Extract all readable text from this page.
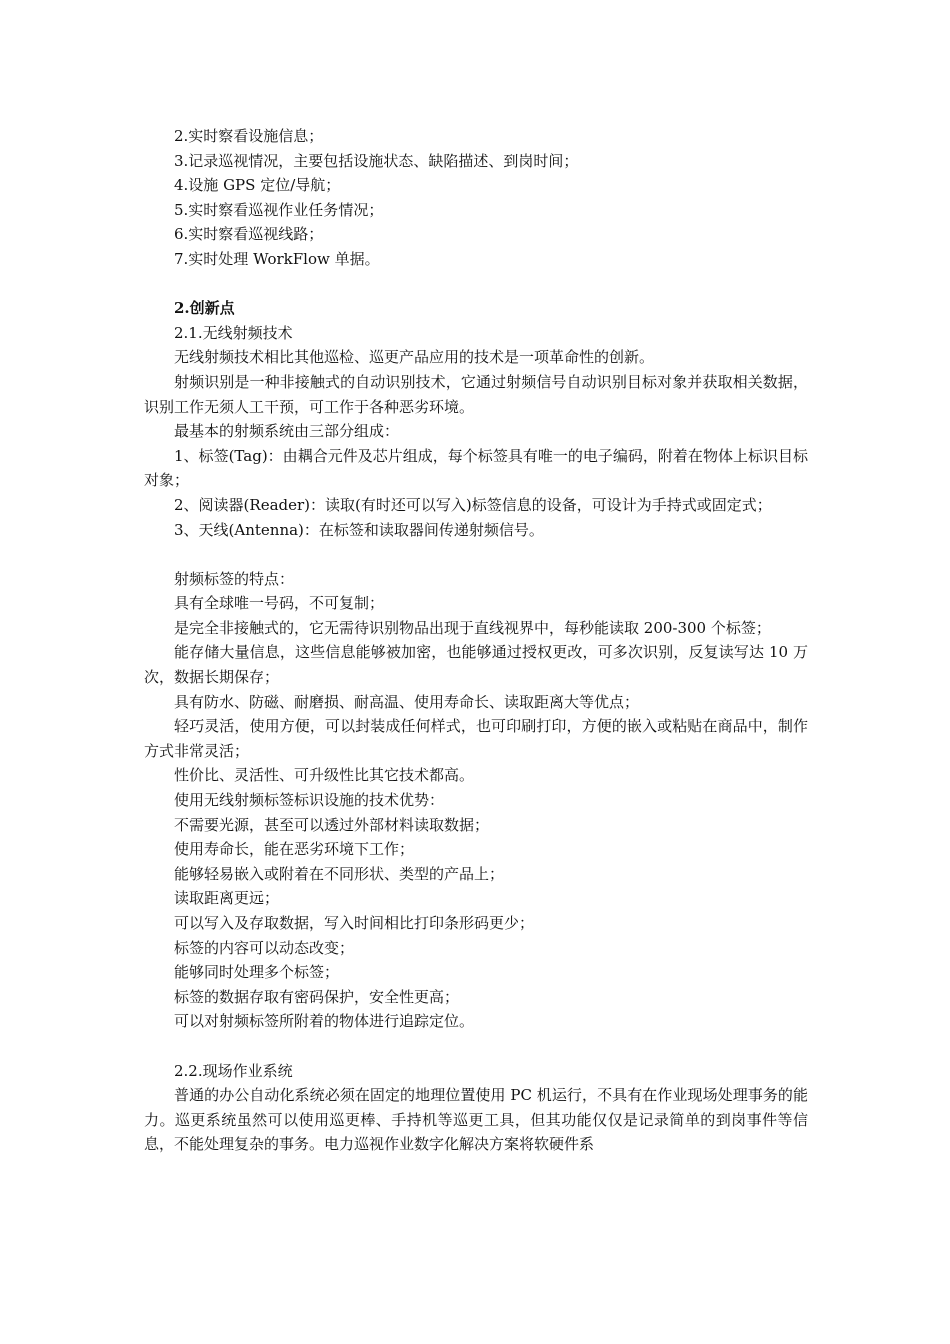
2.实时察看设施信息；

3.记录巡视情况，主要包括设施状态、缺陷描述、到岗时间；

4.设施 GPS 定位/导航；

5.实时察看巡视作业任务情况；

6.实时察看巡视线路；

7.实时处理 WorkFlow 单据。

2.创新点

2.1.无线射频技术

无线射频技术相比其他巡检、巡更产品应用的技术是一项革命性的创新。

射频识别是一种非接触式的自动识别技术，它通过射频信号自动识别目标对象并获取相关数据，识别工作无须人工干预，可工作于各种恶劣环境。

最基本的射频系统由三部分组成：

1、标签(Tag)：由耦合元件及芯片组成，每个标签具有唯一的电子编码，附着在物体上标识目标对象；

2、阅读器(Reader)：读取(有时还可以写入)标签信息的设备，可设计为手持式或固定式；

3、天线(Antenna)：在标签和读取器间传递射频信号。

射频标签的特点：

具有全球唯一号码，不可复制；

是完全非接触式的，它无需待识别物品出现于直线视界中，每秒能读取 200-300 个标签；

能存储大量信息，这些信息能够被加密，也能够通过授权更改，可多次识别，反复读写达 10 万次，数据长期保存；

具有防水、防磁、耐磨损、耐高温、使用寿命长、读取距离大等优点；

轻巧灵活，使用方便，可以封装成任何样式，也可印刷打印，方便的嵌入或粘贴在商品中，制作方式非常灵活；

性价比、灵活性、可升级性比其它技术都高。

使用无线射频标签标识设施的技术优势：

不需要光源，甚至可以透过外部材料读取数据；

使用寿命长，能在恶劣环境下工作；

能够轻易嵌入或附着在不同形状、类型的产品上；

读取距离更远；

可以写入及存取数据，写入时间相比打印条形码更少；

标签的内容可以动态改变；

能够同时处理多个标签；

标签的数据存取有密码保护，安全性更高；

可以对射频标签所附着的物体进行追踪定位。

2.2.现场作业系统

普通的办公自动化系统必须在固定的地理位置使用 PC 机运行，不具有在作业现场处理事务的能力。巡更系统虽然可以使用巡更棒、手持机等巡更工具，但其功能仅仅是记录简单的到岗事件等信息，不能处理复杂的事务。电力巡视作业数字化解决方案将软硬件系
